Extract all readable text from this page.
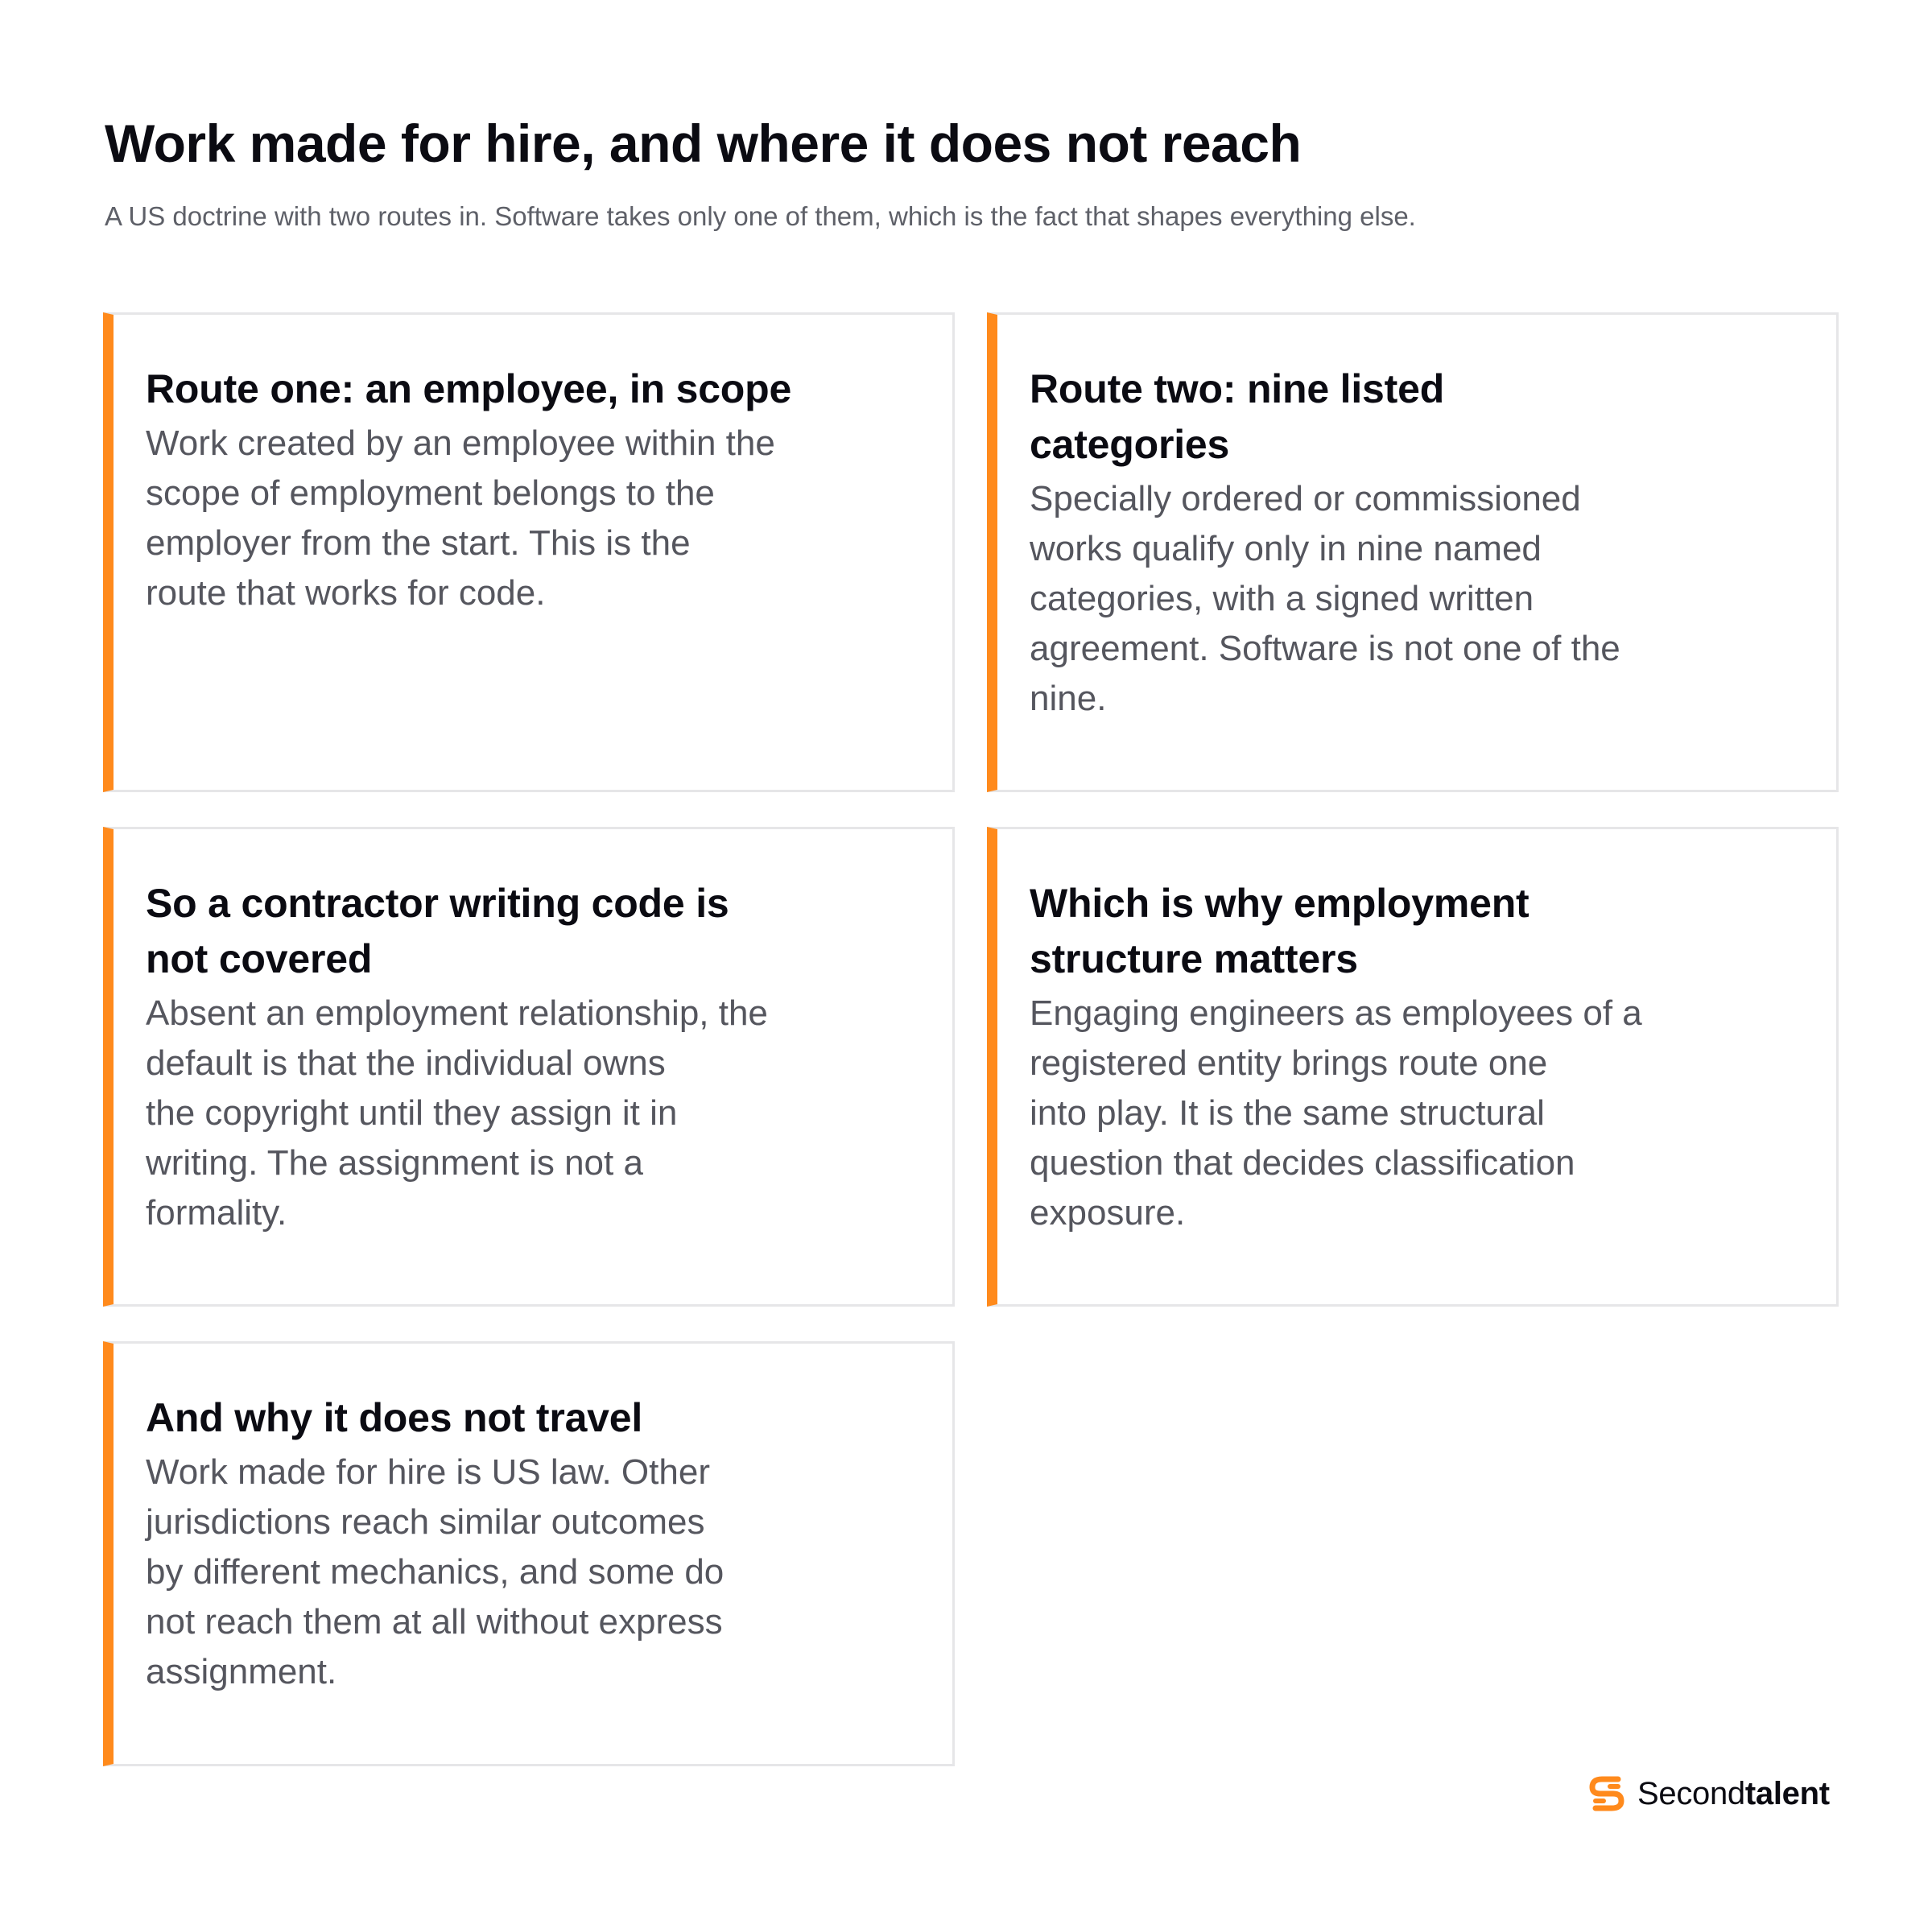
Work made for hire, and where it does not reach

A US doctrine with two routes in. Software takes only one of them, which is the fact that shapes everything else.

Route one: an employee, in scope
Work created by an employee within the
scope of employment belongs to the
employer from the start. This is the
route that works for code.
Route two: nine listed
categories
Specially ordered or commissioned
works qualify only in nine named
categories, with a signed written
agreement. Software is not one of the
nine.
So a contractor writing code is
not covered
Absent an employment relationship, the
default is that the individual owns
the copyright until they assign it in
writing. The assignment is not a
formality.
Which is why employment
structure matters
Engaging engineers as employees of a
registered entity brings route one
into play. It is the same structural
question that decides classification
exposure.
And why it does not travel
Work made for hire is US law. Other
jurisdictions reach similar outcomes
by different mechanics, and some do
not reach them at all without express
assignment.
Secondtalent
